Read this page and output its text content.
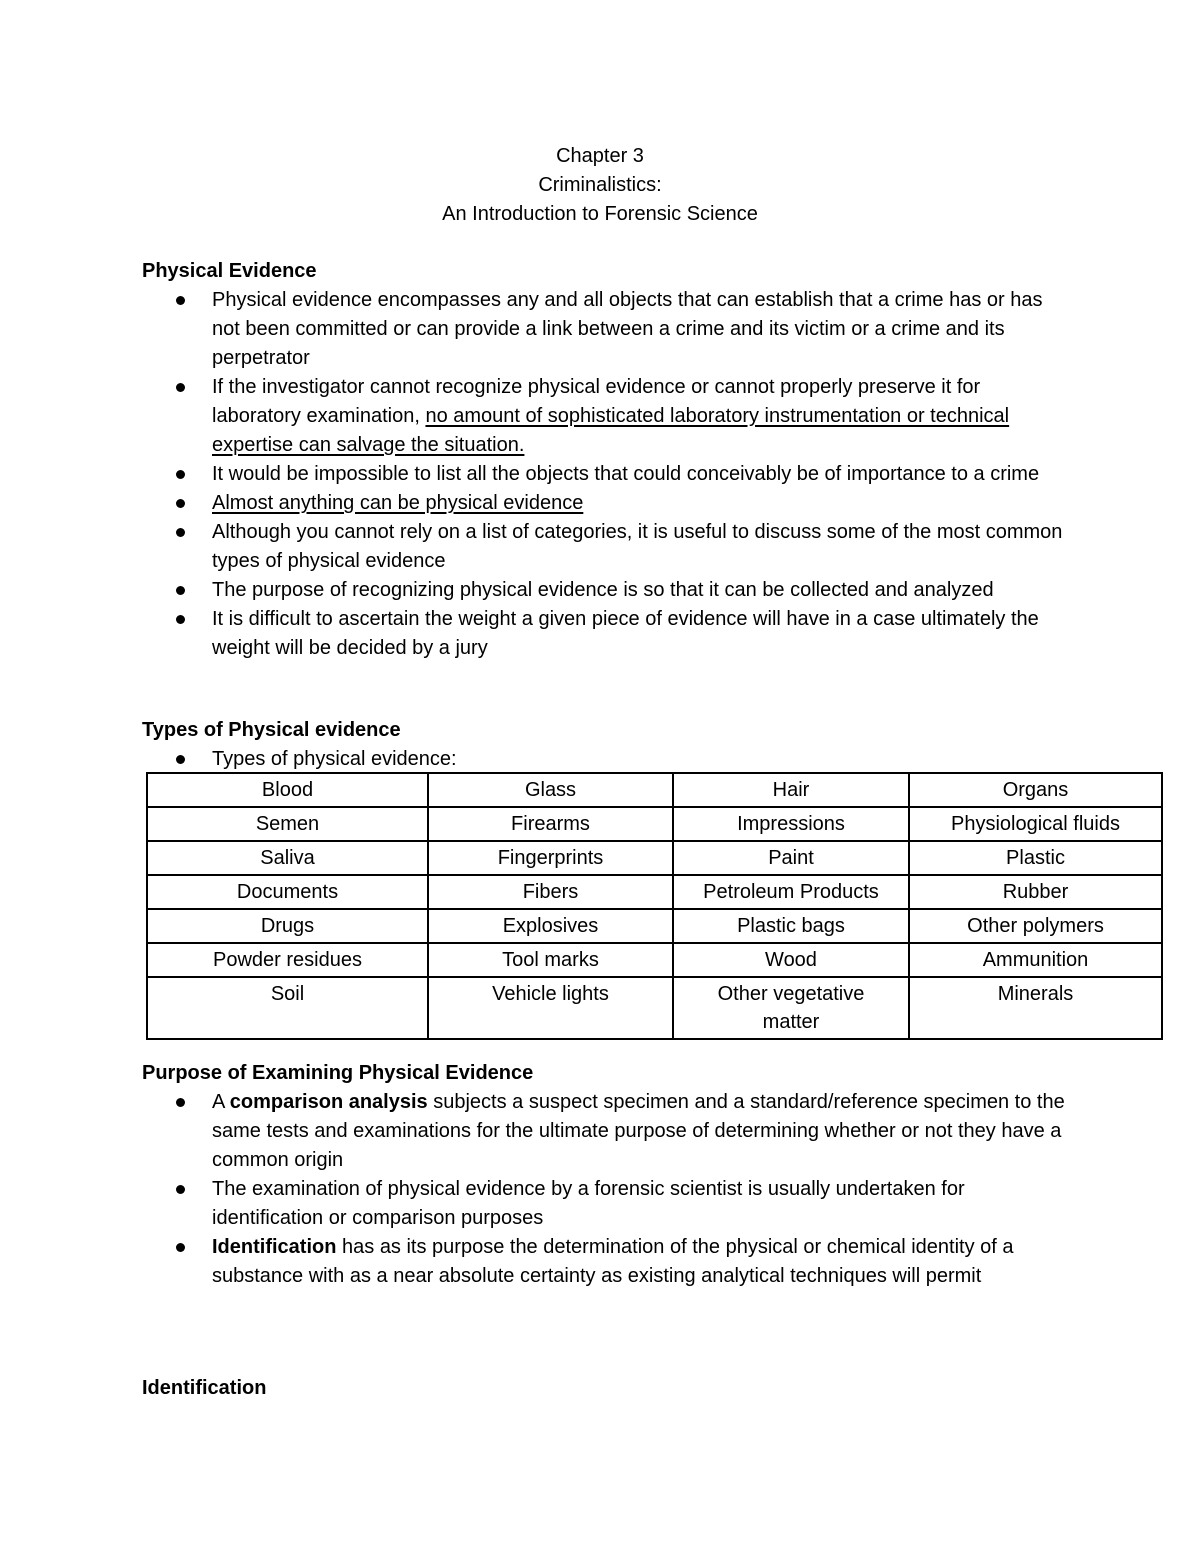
Chapter 3
Criminalistics:
An Introduction to Forensic Science
Physical Evidence
Physical evidence encompasses any and all objects that can establish that a crime has or has not been committed or can provide a link between a crime and its victim or a crime and its perpetrator
If the investigator cannot recognize physical evidence or cannot properly preserve it for laboratory examination, no amount of sophisticated laboratory instrumentation or technical expertise can salvage the situation.
It would be impossible to list all the objects that could conceivably be of importance to a crime
Almost anything can be physical evidence
Although you cannot rely on a list of categories, it is useful to discuss some of the most common types of physical evidence
The purpose of recognizing physical evidence is so that it can be collected and analyzed
It is difficult to ascertain the weight a given piece of evidence will have in a case ultimately the weight will be decided by a jury
Types of Physical evidence
Types of physical evidence:
Blood	Glass	Hair	Organs
Semen	Firearms	Impressions	Physiological fluids
Saliva	Fingerprints	Paint	Plastic
Documents	Fibers	Petroleum Products	Rubber
Drugs	Explosives	Plastic bags	Other polymers
Powder residues	Tool marks	Wood	Ammunition
Soil	Vehicle lights	Other vegetative matter	Minerals
Purpose of Examining Physical Evidence
A comparison analysis subjects a suspect specimen and a standard/reference specimen to the same tests and examinations for the ultimate purpose of determining whether or not they have a common origin
The examination of physical evidence by a forensic scientist is usually undertaken for identification or comparison purposes
Identification has as its purpose the determination of the physical or chemical identity of a substance with as a near absolute certainty as existing analytical techniques will permit
Identification
